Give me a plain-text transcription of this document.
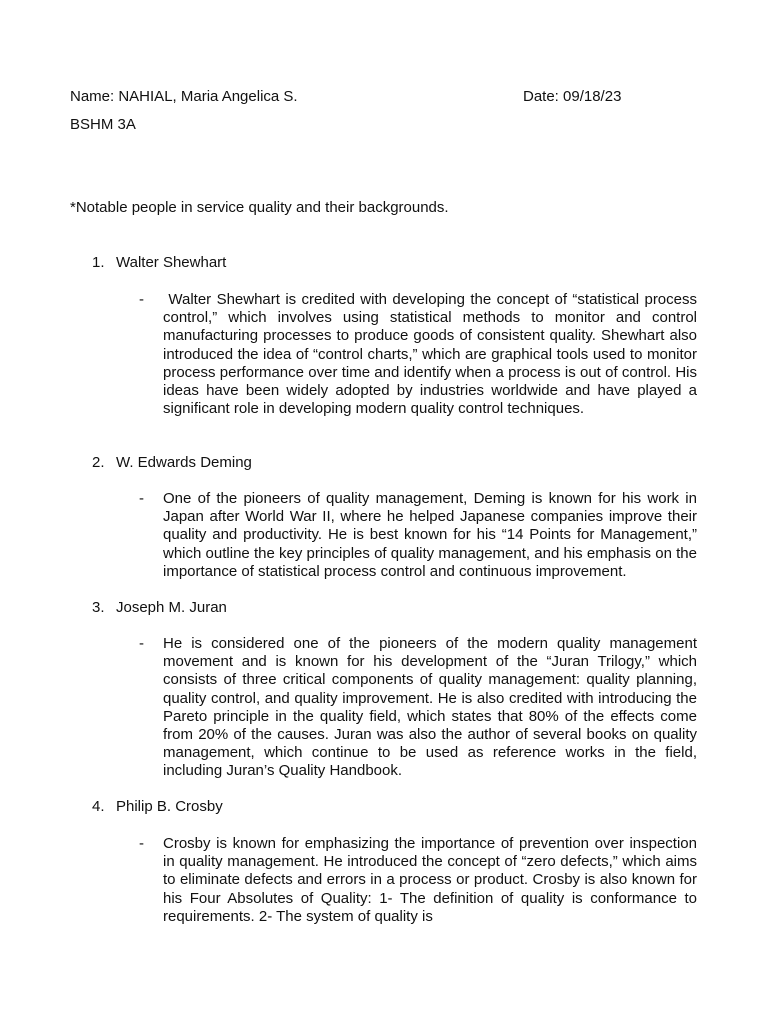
Name: NAHIAL, Maria Angelica S.	Date: 09/18/23
BSHM 3A
*Notable people in service quality and their backgrounds.
1. Walter Shewhart
- Walter Shewhart is credited with developing the concept of “statistical process control,” which involves using statistical methods to monitor and control manufacturing processes to produce goods of consistent quality. Shewhart also introduced the idea of “control charts,” which are graphical tools used to monitor process performance over time and identify when a process is out of control. His ideas have been widely adopted by industries worldwide and have played a significant role in developing modern quality control techniques.
2. W. Edwards Deming
- One of the pioneers of quality management, Deming is known for his work in Japan after World War II, where he helped Japanese companies improve their quality and productivity. He is best known for his “14 Points for Management,” which outline the key principles of quality management, and his emphasis on the importance of statistical process control and continuous improvement.
3. Joseph M. Juran
- He is considered one of the pioneers of the modern quality management movement and is known for his development of the “Juran Trilogy,” which consists of three critical components of quality management: quality planning, quality control, and quality improvement. He is also credited with introducing the Pareto principle in the quality field, which states that 80% of the effects come from 20% of the causes. Juran was also the author of several books on quality management, which continue to be used as reference works in the field, including Juran’s Quality Handbook.
4. Philip B. Crosby
- Crosby is known for emphasizing the importance of prevention over inspection in quality management. He introduced the concept of “zero defects,” which aims to eliminate defects and errors in a process or product. Crosby is also known for his Four Absolutes of Quality: 1- The definition of quality is conformance to requirements. 2- The system of quality is
